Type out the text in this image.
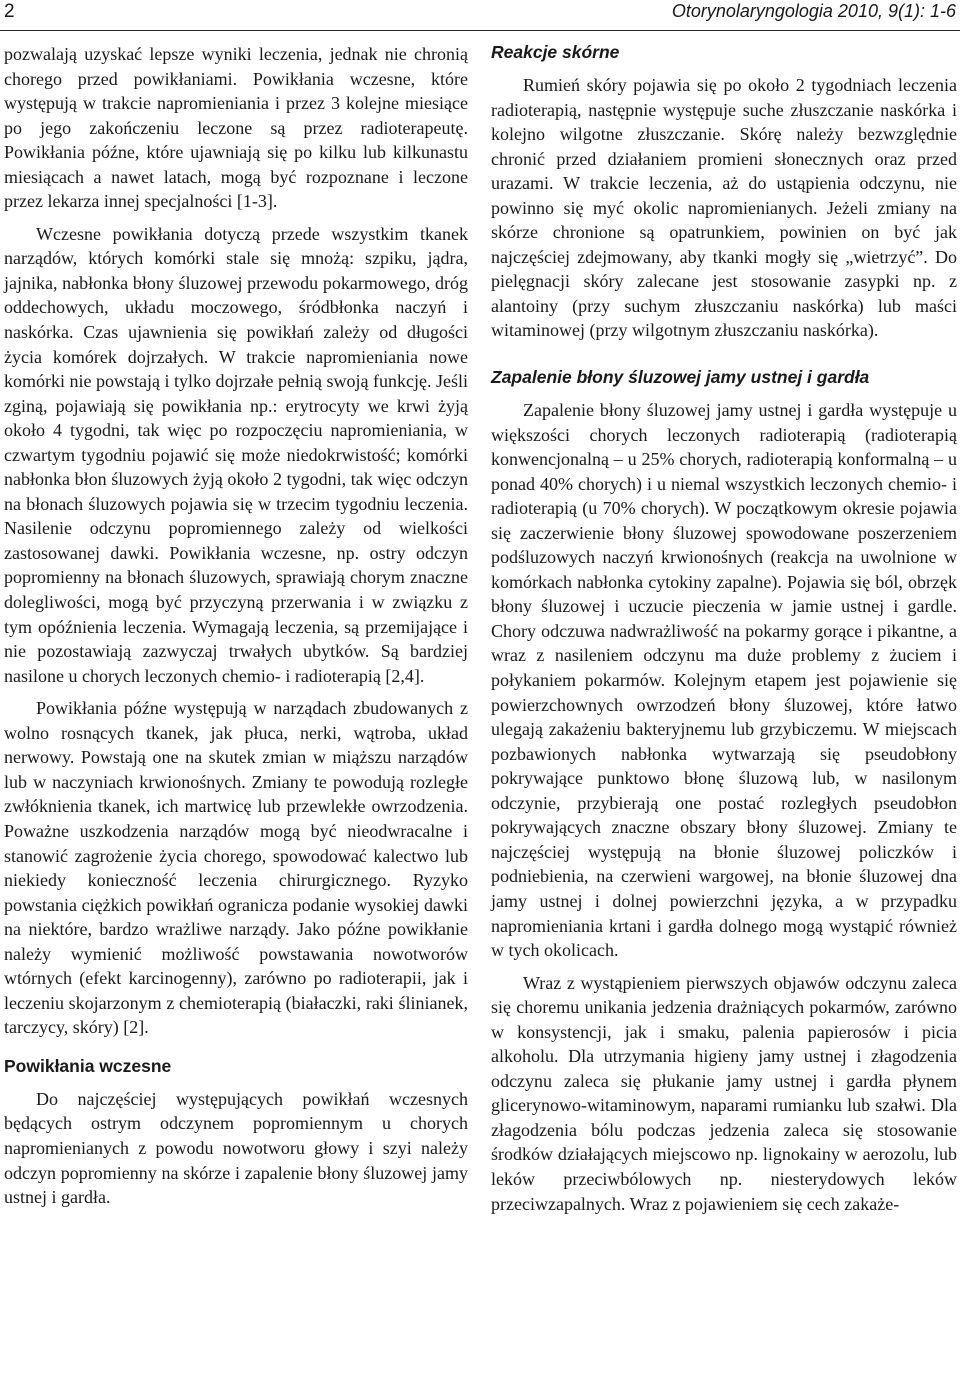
2	Otorynolaryngologia 2010, 9(1): 1-6

pozwalają uzyskać lepsze wyniki leczenia, jednak nie chronią chorego przed powikłaniami. Powikłania wczesne, które występują w trakcie napromieniania i przez 3 kolejne miesiące po jego zakończeniu leczone są przez radioterapeutę. Powikłania późne, które ujawniają się po kilku lub kilkunastu miesiącach a nawet latach, mogą być rozpoznane i leczone przez lekarza innej specjalności [1-3].

Wczesne powikłania dotyczą przede wszystkim tkanek narządów, których komórki stale się mnożą: szpiku, jądra, jajnika, nabłonka błony śluzowej przewodu pokarmowego, dróg oddechowych, układu moczowego, śródbłonka naczyń i naskórka. Czas ujawnienia się powikłań zależy od długości życia komórek dojrzałych. W trakcie napromieniania nowe komórki nie powstają i tylko dojrzałe pełnią swoją funkcję. Jeśli zginą, pojawiają się powikłania np.: erytrocyty we krwi żyją około 4 tygodni, tak więc po rozpoczęciu napromieniania, w czwartym tygodniu pojawić się może niedokrwistość; komórki nabłonka błon śluzowych żyją około 2 tygodni, tak więc odczyn na błonach śluzowych pojawia się w trzecim tygodniu leczenia. Nasilenie odczynu popromiennego zależy od wielkości zastosowanej dawki. Powikłania wczesne, np. ostry odczyn popromienny na błonach śluzowych, sprawiają chorym znaczne dolegliwości, mogą być przyczyną przerwania i w związku z tym opóźnienia leczenia. Wymagają leczenia, są przemijające i nie pozostawiają zazwyczaj trwałych ubytków. Są bardziej nasilone u chorych leczonych chemio- i radioterapią [2,4].

Powikłania późne występują w narządach zbudowanych z wolno rosnących tkanek, jak płuca, nerki, wątroba, układ nerwowy. Powstają one na skutek zmian w miąższu narządów lub w naczyniach krwionośnych. Zmiany te powodują rozległe zwłóknienia tkanek, ich martwicę lub przewlekłe owrzodzenia. Poważne uszkodzenia narządów mogą być nieodwracalne i stanowić zagrożenie życia chorego, spowodować kalectwo lub niekiedy konieczność leczenia chirurgicznego. Ryzyko powstania ciężkich powikłań ogranicza podanie wysokiej dawki na niektóre, bardzo wrażliwe narządy. Jako późne powikłanie należy wymienić możliwość powstawania nowotworów wtórnych (efekt karcinogenny), zarówno po radioterapii, jak i leczeniu skojarzonym z chemioterapią (białaczki, raki ślinianek, tarczycy, skóry) [2].

Powikłania wczesne

Do najczęściej występujących powikłań wczesnych będących ostrym odczynem popromiennym u chorych napromienianych z powodu nowotworu głowy i szyi należy odczyn popromienny na skórze i zapalenie błony śluzowej jamy ustnej i gardła.

Reakcje skórne

Rumień skóry pojawia się po około 2 tygodniach leczenia radioterapią, następnie występuje suche złuszczanie naskórka i kolejno wilgotne złuszczanie. Skórę należy bezwzględnie chronić przed działaniem promieni słonecznych oraz przed urazami. W trakcie leczenia, aż do ustąpienia odczynu, nie powinno się myć okolic napromienianych. Jeżeli zmiany na skórze chronione są opatrunkiem, powinien on być jak najczęściej zdejmowany, aby tkanki mogły się „wietrzyć”. Do pielęgnacji skóry zalecane jest stosowanie zasypki np. z alantoiny (przy suchym złuszczaniu naskórka) lub maści witaminowej (przy wilgotnym złuszczaniu naskórka).

Zapalenie błony śluzowej jamy ustnej i gardła

Zapalenie błony śluzowej jamy ustnej i gardła występuje u większości chorych leczonych radioterapią (radioterapią konwencjonalną – u 25% chorych, radioterapią konformalną – u ponad 40% chorych) i u niemal wszystkich leczonych chemio- i radioterapią (u 70% chorych). W początkowym okresie pojawia się zaczerwienie błony śluzowej spowodowane poszerzeniem podśluzowych naczyń krwionośnych (reakcja na uwolnione w komórkach nabłonka cytokiny zapalne). Pojawia się ból, obrzęk błony śluzowej i uczucie pieczenia w jamie ustnej i gardle. Chory odczuwa nadwrażliwość na pokarmy gorące i pikantne, a wraz z nasileniem odczynu ma duże problemy z żuciem i połykaniem pokarmów. Kolejnym etapem jest pojawienie się powierzchownych owrzodzeń błony śluzowej, które łatwo ulegają zakażeniu bakteryjnemu lub grzybiczemu. W miejscach pozbawionych nabłonka wytwarzają się pseudobłony pokrywające punktowo błonę śluzową lub, w nasilonym odczynie, przybierają one postać rozległych pseudobłon pokrywających znaczne obszary błony śluzowej. Zmiany te najczęściej występują na błonie śluzowej policzków i podniebienia, na czerwieni wargowej, na błonie śluzowej dna jamy ustnej i dolnej powierzchni języka, a w przypadku napromieniania krtani i gardła dolnego mogą wystąpić również w tych okolicach.

Wraz z wystąpieniem pierwszych objawów odczynu zaleca się choremu unikania jedzenia drażniących pokarmów, zarówno w konsystencji, jak i smaku, palenia papierosów i picia alkoholu. Dla utrzymania higieny jamy ustnej i złagodzenia odczynu zaleca się płukanie jamy ustnej i gardła płynem glicerynowo-witaminowym, naparami rumianku lub szałwi. Dla złagodzenia bólu podczas jedzenia zaleca się stosowanie środków działających miejscowo np. lignokainy w aerozolu, lub leków przeciwbólowych np. niesterydowych leków przeciwzapalnych. Wraz z pojawieniem się cech zakaże-
